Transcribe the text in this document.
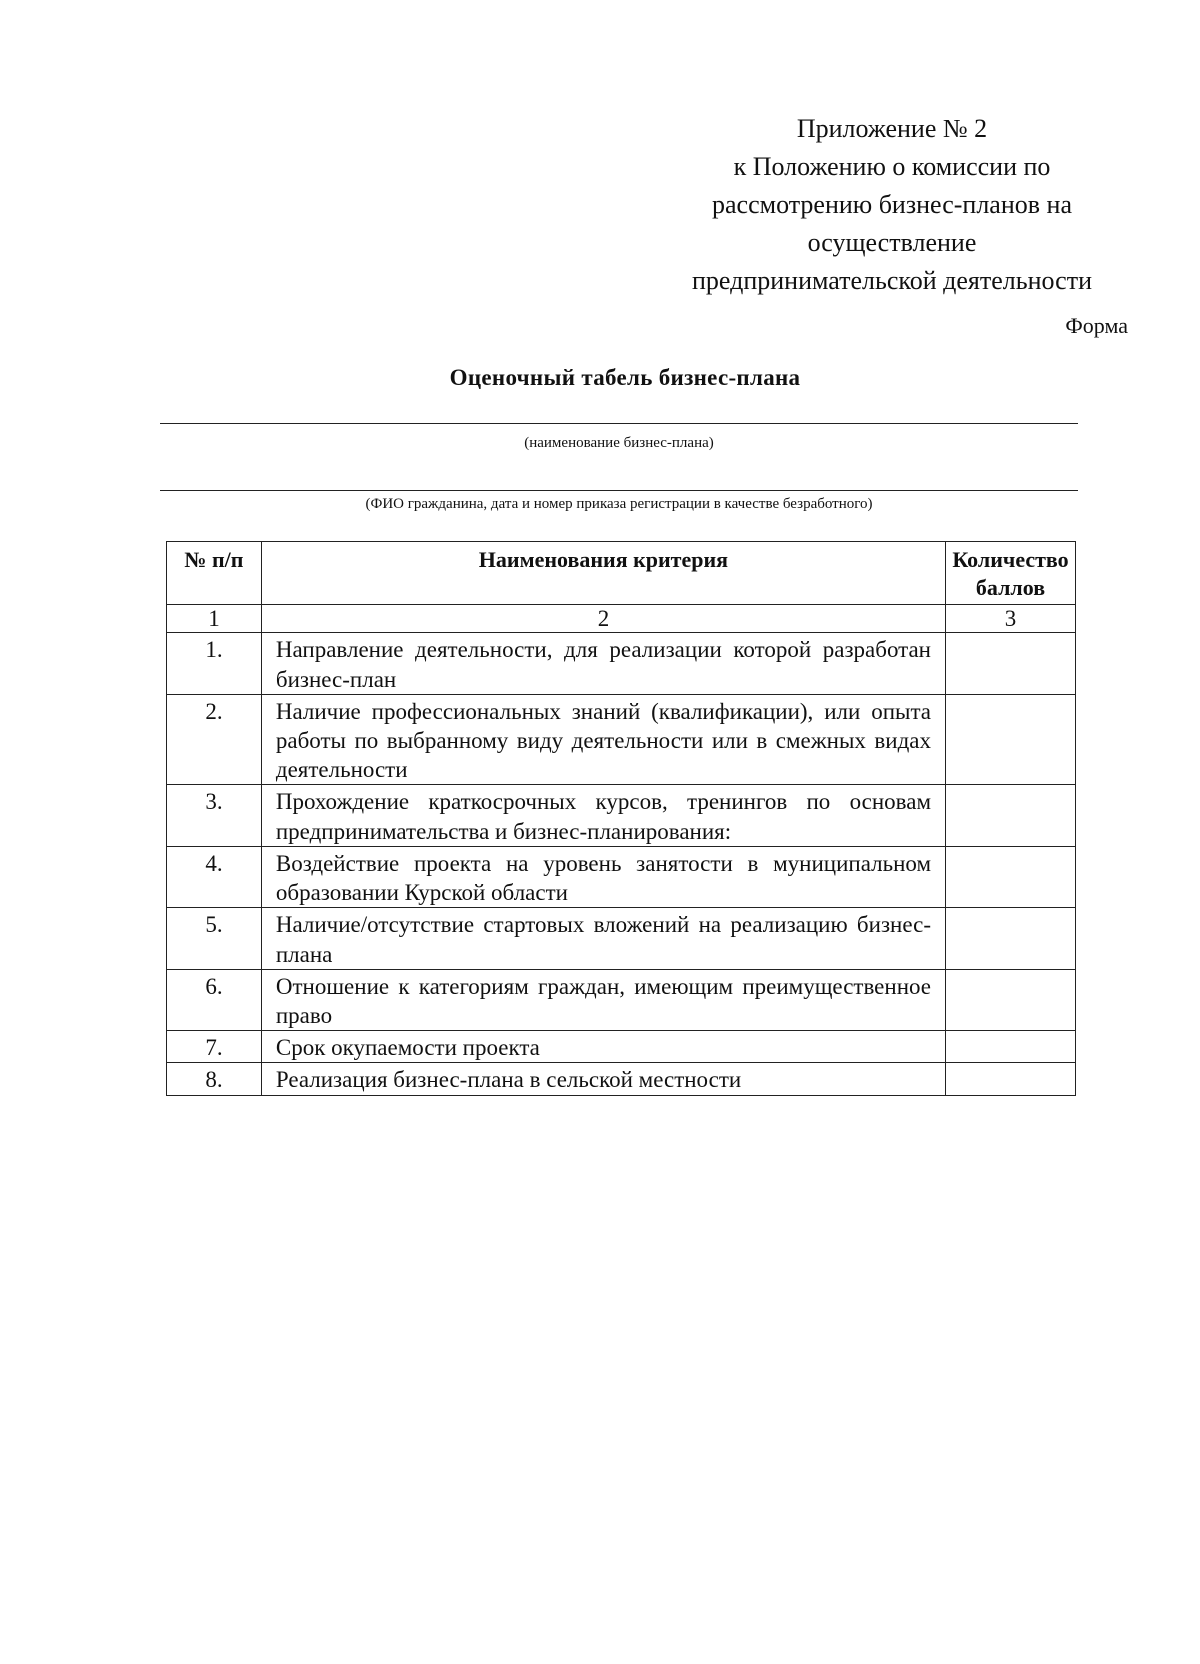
Приложение № 2
к Положению о комиссии по
рассмотрению бизнес-планов на
осуществление
предпринимательской деятельности
Форма
Оценочный табель бизнес-плана
(наименование бизнес-плана)
(ФИО гражданина, дата и номер приказа регистрации в качестве безработного)
№ п/п	Наименования критерия	Количество баллов
1	2	3
1.	Направление деятельности, для реализации которой разработан бизнес-план	
2.	Наличие профессиональных знаний (квалификации), или опыта работы по выбранному виду деятельности или в смежных видах деятельности	
3.	Прохождение краткосрочных курсов, тренингов по основам предпринимательства и бизнес-планирования:	
4.	Воздействие проекта на уровень занятости в муниципальном образовании Курской области	
5.	Наличие/отсутствие стартовых вложений на реализацию бизнес-плана	
6.	Отношение к категориям граждан, имеющим преимущественное право	
7.	Срок окупаемости проекта	
8.	Реализация бизнес-плана в сельской местности	
